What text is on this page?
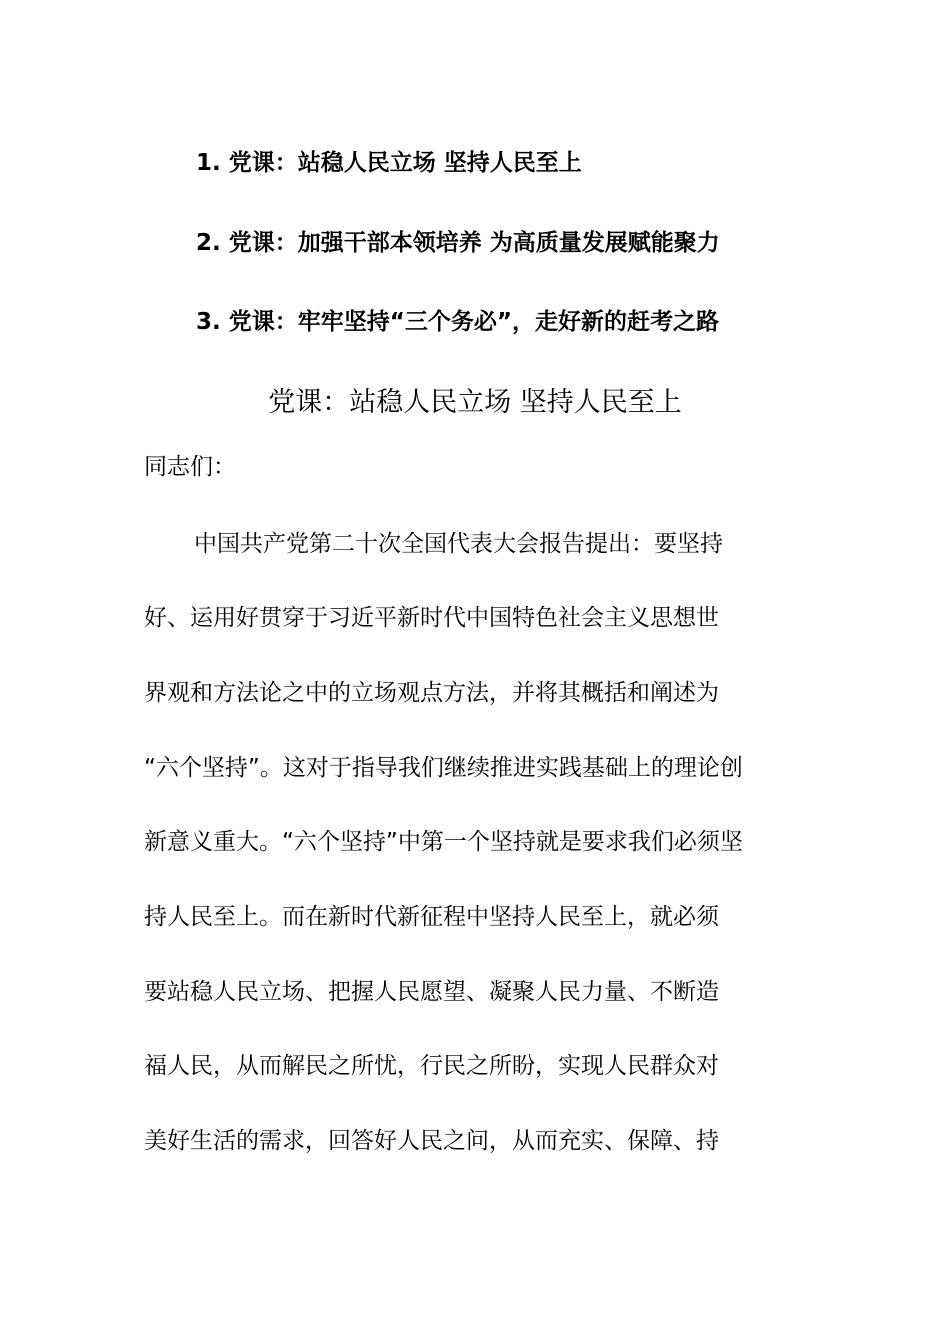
1. 党课：站稳人民立场 坚持人民至上
2. 党课：加强干部本领培养 为高质量发展赋能聚力
3. 党课：牢牢坚持“三个务必”，走好新的赶考之路
党课：站稳人民立场 坚持人民至上
同志们：
中国共产党第二十次全国代表大会报告提出：要坚持
好、运用好贯穿于习近平新时代中国特色社会主义思想世
界观和方法论之中的立场观点方法，并将其概括和阐述为
“六个坚持”。这对于指导我们继续推进实践基础上的理论创
新意义重大。“六个坚持”中第一个坚持就是要求我们必须坚
持人民至上。而在新时代新征程中坚持人民至上，就必须
要站稳人民立场、把握人民愿望、凝聚人民力量、不断造
福人民，从而解民之所忧，行民之所盼，实现人民群众对
美好生活的需求，回答好人民之问，从而充实、保障、持
